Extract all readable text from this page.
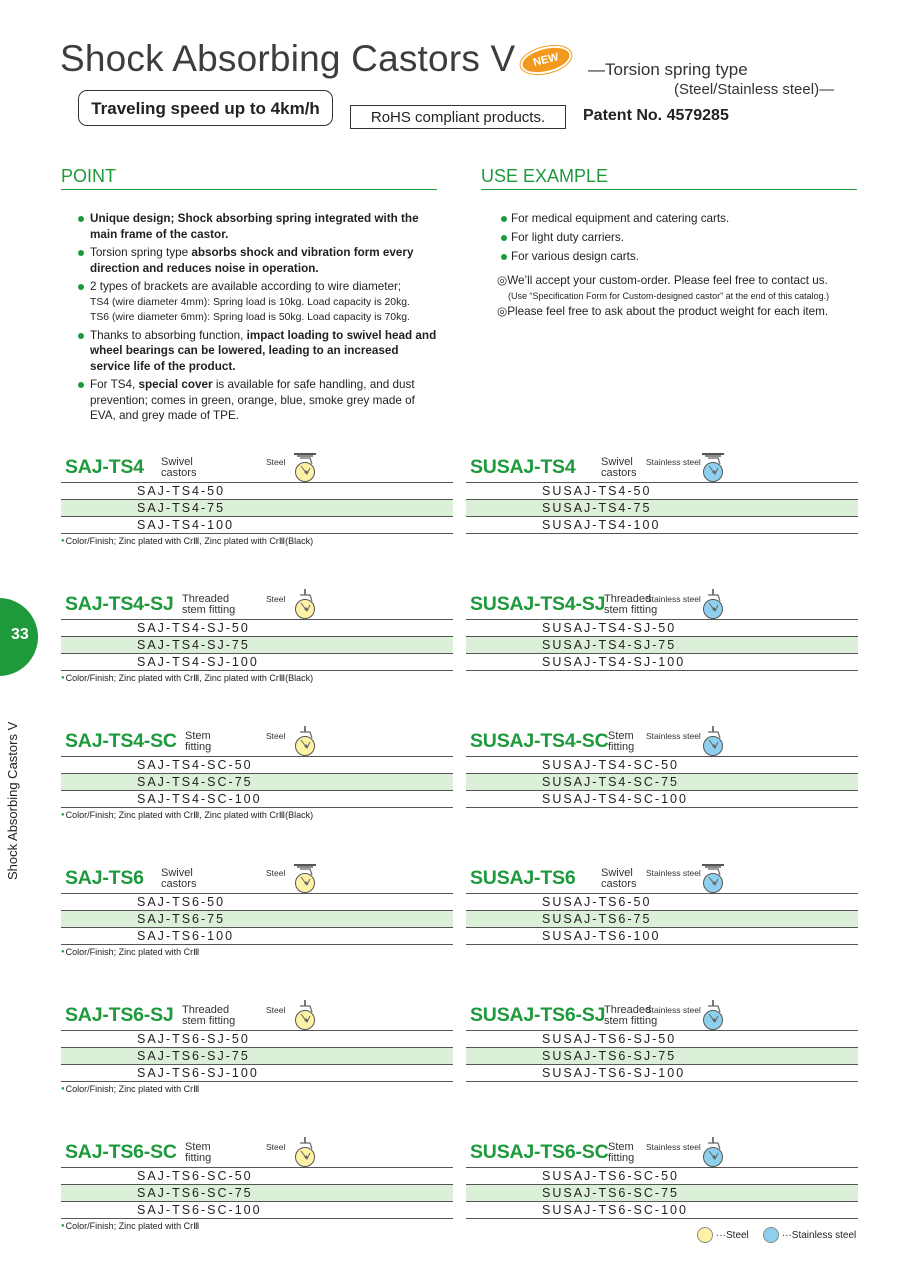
Shock Absorbing Castors V	NEW	—Torsion spring type
(Steel/Stainless steel)—
Traveling speed up to 4km/h	RoHS compliant products.	Patent No. 4579285
POINT
Unique design; Shock absorbing spring integrated with the main frame of the castor.
Torsion spring type absorbs shock and vibration form every direction and reduces noise in operation.
2 types of brackets are available according to wire diameter;
TS4 (wire diameter 4mm): Spring load is 10kg. Load capacity is 20kg.
TS6 (wire diameter 6mm): Spring load is 50kg. Load capacity is 70kg.
Thanks to absorbing function, impact loading to swivel head and wheel bearings can be lowered, leading to an increased service life of the product.
For TS4, special cover is available for safe handling, and dust prevention; comes in green, orange, blue, smoke grey made of EVA, and grey made of TPE.
USE EXAMPLE
For medical equipment and catering carts.
For light duty carriers.
For various design carts.
◎We’ll accept your custom-order. Please feel free to contact us.
(Use “Specification Form for Custom-designed castor” at the end of this catalog.)
◎Please feel free to ask about the product weight for each item.
SAJ-TS4 Swivel
castors
Steel
SAJ-TS4-50
SAJ-TS4-75
SAJ-TS4-100
● Color/Finish; Zinc plated with CrⅢ, Zinc plated with CrⅢ(Black)
SUSAJ-TS4 Swivel
castors
Stainless steel
SUSAJ-TS4-50
SUSAJ-TS4-75
SUSAJ-TS4-100
SAJ-TS4-SJ Threaded
stem fitting
Steel
SAJ-TS4-SJ-50
SAJ-TS4-SJ-75
SAJ-TS4-SJ-100
● Color/Finish; Zinc plated with CrⅢ, Zinc plated with CrⅢ(Black)
SUSAJ-TS4-SJ
Threaded
stem fitting
Stainless steel
SUSAJ-TS4-SJ-50
SUSAJ-TS4-SJ-75
SUSAJ-TS4-SJ-100
SAJ-TS4-SC Stem
fitting
Steel
SAJ-TS4-SC-50
SAJ-TS4-SC-75
SAJ-TS4-SC-100
● Color/Finish; Zinc plated with CrⅢ, Zinc plated with CrⅢ(Black)
SUSAJ-TS4-SC Stem
fitting
Stainless steel
SUSAJ-TS4-SC-50
SUSAJ-TS4-SC-75
SUSAJ-TS4-SC-100
SAJ-TS6 Swivel
castors
Steel
SAJ-TS6-50
SAJ-TS6-75
SAJ-TS6-100
● Color/Finish; Zinc plated with CrⅢ
SUSAJ-TS6 Swivel
castors
Stainless steel
SUSAJ-TS6-50
SUSAJ-TS6-75
SUSAJ-TS6-100
SAJ-TS6-SJ Threaded
stem fitting
Steel
SAJ-TS6-SJ-50
SAJ-TS6-SJ-75
SAJ-TS6-SJ-100
● Color/Finish; Zinc plated with CrⅢ
SUSAJ-TS6-SJ
Threaded
stem fitting
Stainless steel
SUSAJ-TS6-SJ-50
SUSAJ-TS6-SJ-75
SUSAJ-TS6-SJ-100
SAJ-TS6-SC Stem
fitting
Steel
SAJ-TS6-SC-50
SAJ-TS6-SC-75
SAJ-TS6-SC-100
● Color/Finish; Zinc plated with CrⅢ
SUSAJ-TS6-SC Stem
fitting
Stainless steel
SUSAJ-TS6-SC-50
SUSAJ-TS6-SC-75
SUSAJ-TS6-SC-100
33
Shock Absorbing Castors V
···Steel	···Stainless steel
